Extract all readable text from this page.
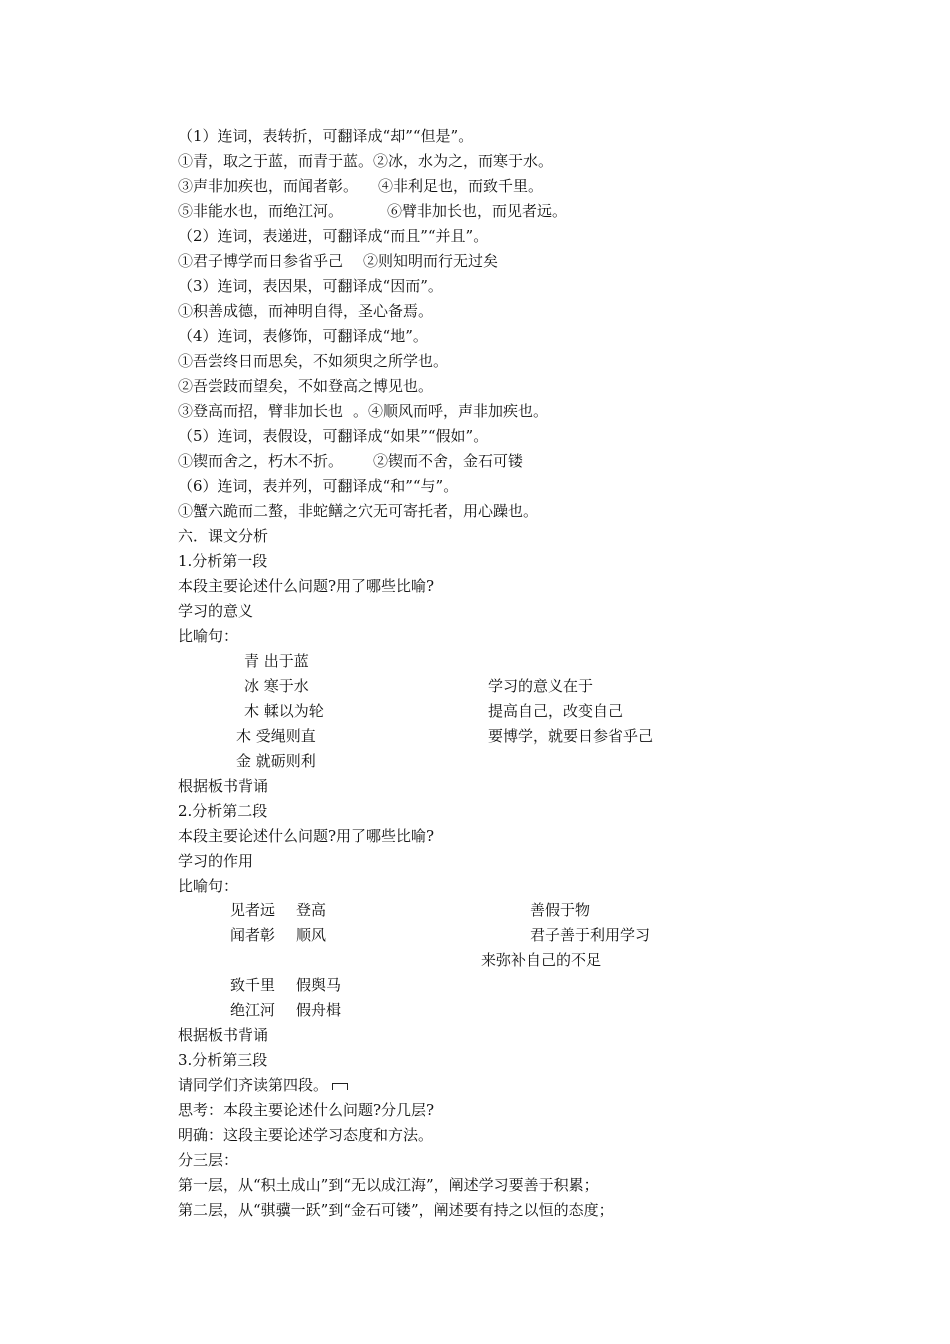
（1）连词，表转折，可翻译成“却”“但是”。
①青，取之于蓝，而青于蓝。②冰，水为之，而寒于水。
③声非加疾也，而闻者彰。 ④非利足也，而致千里。
⑤非能水也，而绝江河。	⑥臂非加长也，而见者远。
（2）连词，表递进，可翻译成“而且”“并且”。
①君子博学而日参省乎己 ②则知明而行无过矣
（3）连词，表因果，可翻译成“因而”。
①积善成德，而神明自得，圣心备焉。
（4）连词，表修饰，可翻译成“地”。
①吾尝终日而思矣，不如须臾之所学也。
②吾尝跂而望矣，不如登高之博见也。
③登高而招，臂非加长也 。④顺风而呼，声非加疾也。
（5）连词，表假设，可翻译成“如果”“假如”。
①锲而舍之，朽木不折。 ②锲而不舍，金石可镂
（6）连词，表并列，可翻译成“和”“与”。
①蟹六跪而二螯，非蛇鳝之穴无可寄托者，用心躁也。
六．课文分析
1.分析第一段
本段主要论述什么问题?用了哪些比喻?
学习的意义
比喻句：
青 出于蓝
冰 寒于水
木 輮以为轮
木 受绳则直
金 就砺则利
学习的意义在于
提高自己，改变自己
要博学，就要日参省乎己
根据板书背诵
2.分析第二段
本段主要论述什么问题?用了哪些比喻?
学习的作用
比喻句：
见者远 登高
闻者彰 顺风
致千里 假舆马
绝江河 假舟楫
善假于物
君子善于利用学习
来弥补自己的不足
根据板书背诵
3.分析第三段
请同学们齐读第四段。
思考：本段主要论述什么问题?分几层?
明确：这段主要论述学习态度和方法。
分三层：
第一层，从“积土成山”到“无以成江海”，阐述学习要善于积累；
第二层，从“骐骥一跃”到“金石可镂”，阐述要有持之以恒的态度；
